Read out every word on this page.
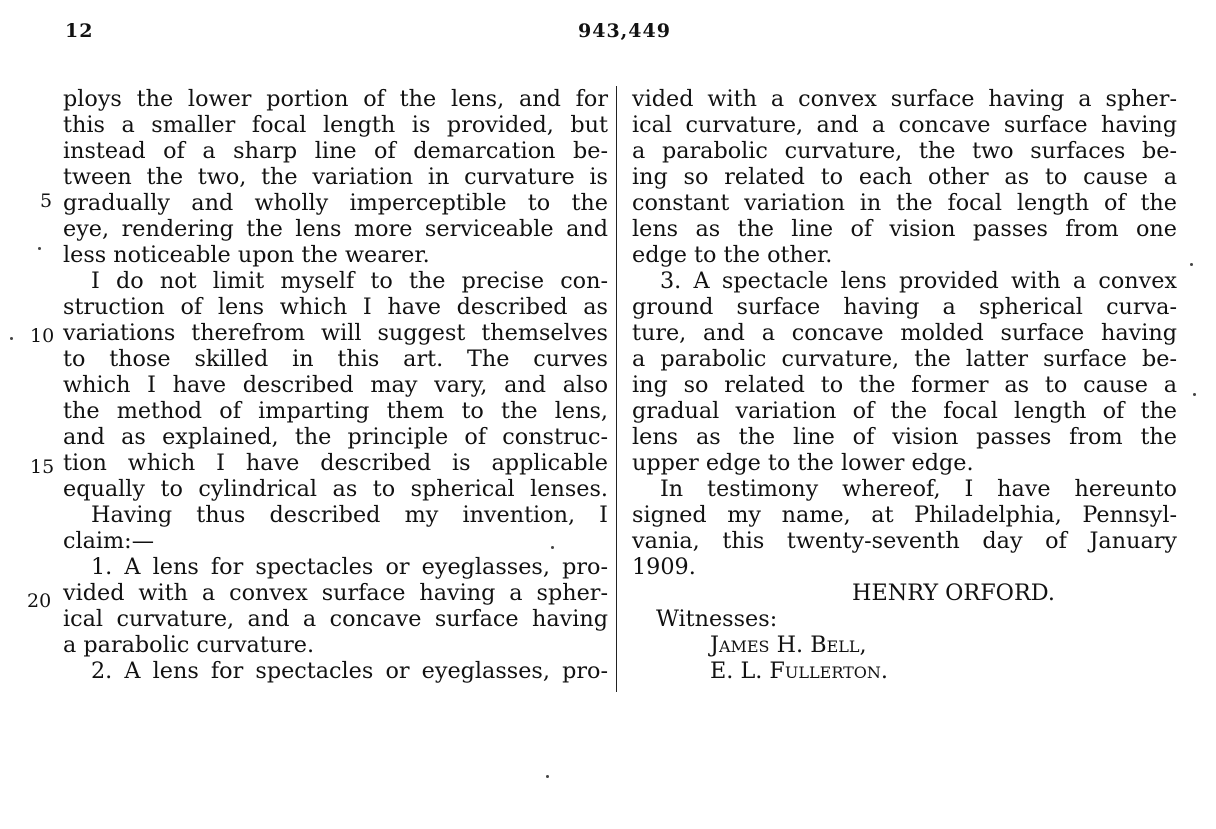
12	943,449
5
10
15
20
ploys the lower portion of the lens, and for
this a smaller focal length is provided, but
instead of a sharp line of demarcation be-
tween the two, the variation in curvature is
gradually and wholly imperceptible to the
eye, rendering the lens more serviceable and
less noticeable upon the wearer.
I do not limit myself to the precise con-
struction of lens which I have described as
variations therefrom will suggest themselves
to those skilled in this art. The curves
which I have described may vary, and also
the method of imparting them to the lens,
and as explained, the principle of construc-
tion which I have described is applicable
equally to cylindrical as to spherical lenses.
Having thus described my invention, I
claim:—
1. A lens for spectacles or eyeglasses, pro-
vided with a convex surface having a spher-
ical curvature, and a concave surface having
a parabolic curvature.
2. A lens for spectacles or eyeglasses, pro-
vided with a convex surface having a spher-
ical curvature, and a concave surface having
a parabolic curvature, the two surfaces be-
ing so related to each other as to cause a
constant variation in the focal length of the
lens as the line of vision passes from one
edge to the other.
3. A spectacle lens provided with a convex
ground surface having a spherical curva-
ture, and a concave molded surface having
a parabolic curvature, the latter surface be-
ing so related to the former as to cause a
gradual variation of the focal length of the
lens as the line of vision passes from the
upper edge to the lower edge.
In testimony whereof, I have hereunto
signed my name, at Philadelphia, Pennsyl-
vania, this twenty-seventh day of January
1909.
HENRY ORFORD.
Witnesses:
James H. Bell,
E. L. Fullerton.
